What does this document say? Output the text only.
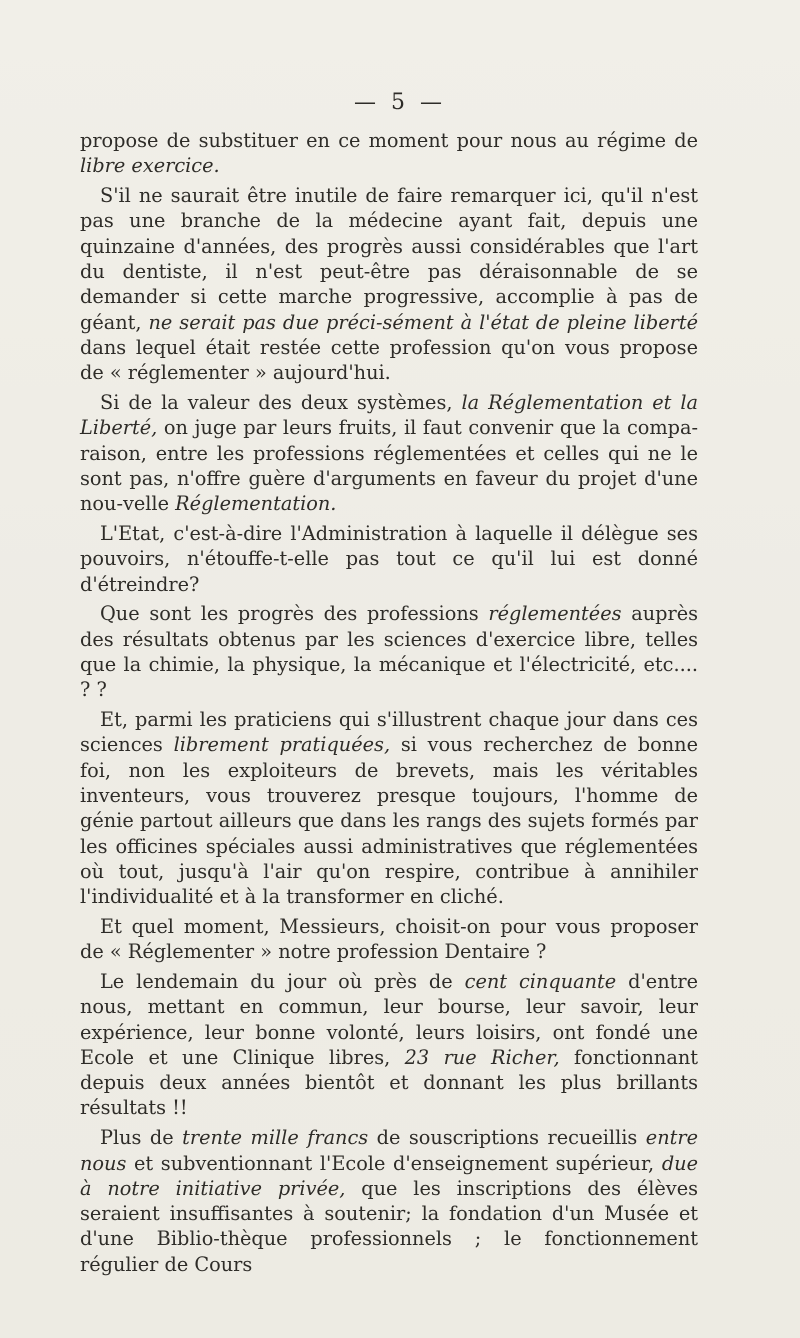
— 5 —

propose de substituer en ce moment pour nous au régime de libre exercice.

S'il ne saurait être inutile de faire remarquer ici, qu'il n'est pas une branche de la médecine ayant fait, depuis une quinzaine d'années, des progrès aussi considérables que l'art du dentiste, il n'est peut-être pas déraisonnable de se demander si cette marche progressive, accomplie à pas de géant, ne serait pas due préci-sément à l'état de pleine liberté dans lequel était restée cette profession qu'on vous propose de « réglementer » aujourd'hui.

Si de la valeur des deux systèmes, la Réglementation et la Liberté, on juge par leurs fruits, il faut convenir que la compa-raison, entre les professions réglementées et celles qui ne le sont pas, n'offre guère d'arguments en faveur du projet d'une nou-velle Réglementation.

L'Etat, c'est-à-dire l'Administration à laquelle il délègue ses pouvoirs, n'étouffe-t-elle pas tout ce qu'il lui est donné d'étreindre?

Que sont les progrès des professions réglementées auprès des résultats obtenus par les sciences d'exercice libre, telles que la chimie, la physique, la mécanique et l'électricité, etc.... ? ?

Et, parmi les praticiens qui s'illustrent chaque jour dans ces sciences librement pratiquées, si vous recherchez de bonne foi, non les exploiteurs de brevets, mais les véritables inventeurs, vous trouverez presque toujours, l'homme de génie partout ailleurs que dans les rangs des sujets formés par les officines spéciales aussi administratives que réglementées où tout, jusqu'à l'air qu'on respire, contribue à annihiler l'individualité et à la transformer en cliché.

Et quel moment, Messieurs, choisit-on pour vous proposer de « Réglementer » notre profession Dentaire ?

Le lendemain du jour où près de cent cinquante d'entre nous, mettant en commun, leur bourse, leur savoir, leur expérience, leur bonne volonté, leurs loisirs, ont fondé une Ecole et une Clinique libres, 23 rue Richer, fonctionnant depuis deux années bientôt et donnant les plus brillants résultats !!

Plus de trente mille francs de souscriptions recueillis entre nous et subventionnant l'Ecole d'enseignement supérieur, due à notre initiative privée, que les inscriptions des élèves seraient insuffisantes à soutenir; la fondation d'un Musée et d'une Biblio-thèque professionnels ; le fonctionnement régulier de Cours
